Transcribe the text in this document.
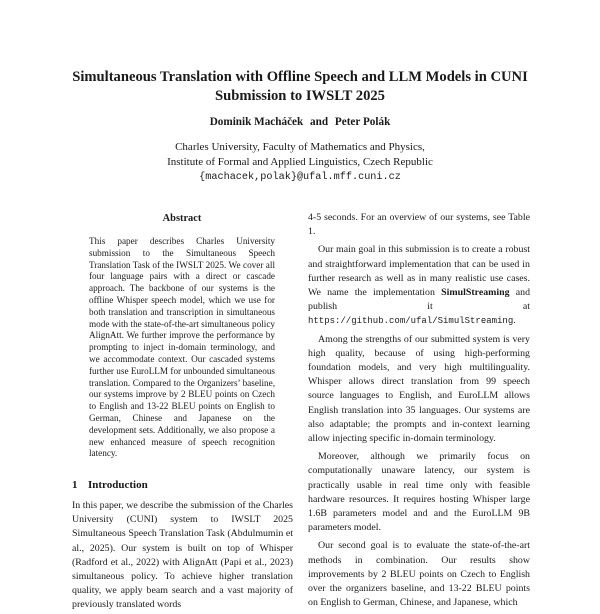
Simultaneous Translation with Offline Speech and LLM Models in CUNI
Submission to IWSLT 2025
Dominik Macháček and Peter Polák
Charles University, Faculty of Mathematics and Physics,
Institute of Formal and Applied Linguistics, Czech Republic
{machacek,polak}@ufal.mff.cuni.cz
Abstract

This paper describes Charles University submission to the Simultaneous Speech Translation Task of the IWSLT 2025. We cover all four language pairs with a direct or cascade approach. The backbone of our systems is the offline Whisper speech model, which we use for both translation and transcription in simultaneous mode with the state-of-the-art simultaneous policy AlignAtt. We further improve the performance by prompting to inject in-domain terminology, and we accommodate context. Our cascaded systems further use EuroLLM for unbounded simultaneous translation. Compared to the Organizers’ baseline, our systems improve by 2 BLEU points on Czech to English and 13-22 BLEU points on English to German, Chinese and Japanese on the development sets. Additionally, we also propose a new enhanced measure of speech recognition latency.

1 Introduction

In this paper, we describe the submission of the Charles University (CUNI) system to IWSLT 2025 Simultaneous Speech Translation Task (Abdulmumin et al., 2025). Our system is built on top of Whisper (Radford et al., 2022) with AlignAtt (Papi et al., 2023) simultaneous policy. To achieve higher translation quality, we apply beam search and a vast majority of previously translated words

4-5 seconds. For an overview of our systems, see Table 1.

Our main goal in this submission is to create a robust and straightforward implementation that can be used in further research as well as in many realistic use cases. We name the implementation SimulStreaming and publish it at https://github.com/ufal/SimulStreaming.

Among the strengths of our submitted system is very high quality, because of using high-performing foundation models, and very high multilinguality. Whisper allows direct translation from 99 speech source languages to English, and EuroLLM allows English translation into 35 languages. Our systems are also adaptable; the prompts and in-context learning allow injecting specific in-domain terminology.

Moreover, although we primarily focus on computationally unaware latency, our system is practically usable in real time only with feasible hardware resources. It requires hosting Whisper large 1.6B parameters model and and the EuroLLM 9B parameters model.

Our second goal is to evaluate the state-of-the-art methods in combination. Our results show improvements by 2 BLEU points on Czech to English over the organizers baseline, and 13-22 BLEU points on English to German, Chinese, and Japanese, which
